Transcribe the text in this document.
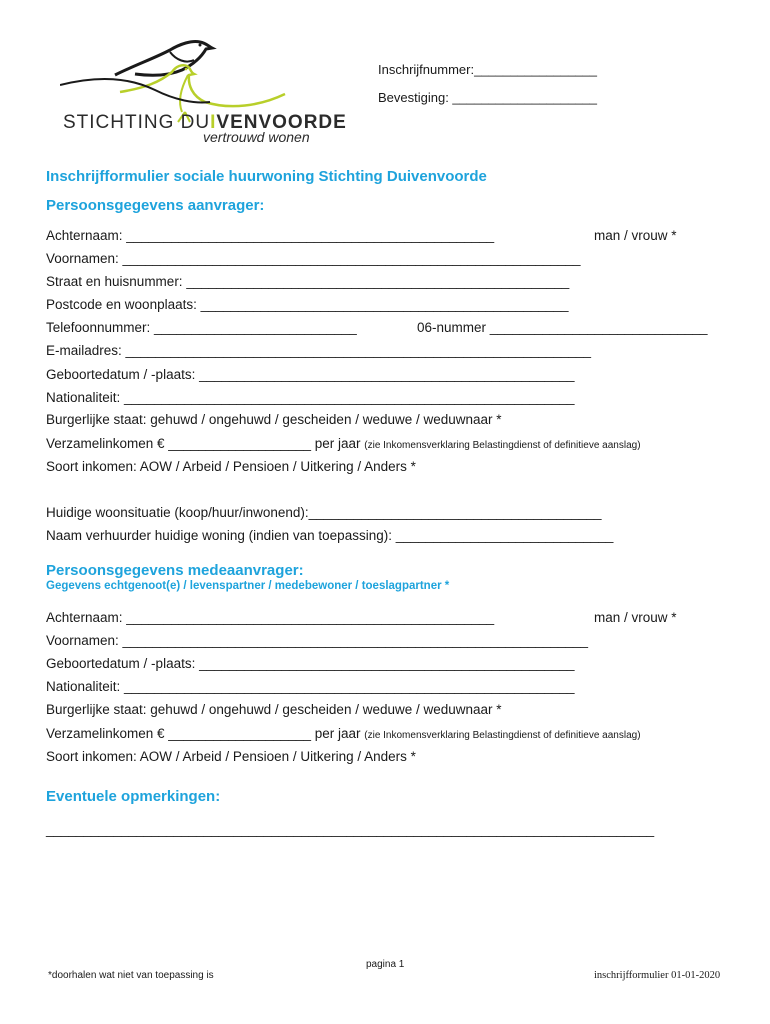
STICHTING DUIVENVOORDE
vertrouwd wonen
Inschrijfnummer:_________________
Bevestiging: ____________________
Inschrijfformulier sociale huurwoning Stichting Duivenvoorde
Persoonsgegevens aanvrager:
Achternaam: _________________________________________________	man / vrouw *
Voornamen: _____________________________________________________________
Straat en huisnummer: ___________________________________________________
Postcode en woonplaats: _________________________________________________
Telefoonnummer: ___________________________	06-nummer _____________________________
E-mailadres: ______________________________________________________________
Geboortedatum / -plaats: __________________________________________________
Nationaliteit: ____________________________________________________________
Burgerlijke staat: gehuwd / ongehuwd / gescheiden / weduwe / weduwnaar *
Verzamelinkomen € ___________________ per jaar (zie Inkomensverklaring Belastingdienst of definitieve aanslag)
Soort inkomen: AOW / Arbeid / Pensioen / Uitkering / Anders *
Huidige woonsituatie (koop/huur/inwonend):_______________________________________
Naam verhuurder huidige woning (indien van toepassing): _____________________________
Persoonsgegevens medeaanvrager:
Gegevens echtgenoot(e) / levenspartner / medebewoner / toeslagpartner *
Achternaam: _________________________________________________	man / vrouw *
Voornamen: ______________________________________________________________
Geboortedatum / -plaats: __________________________________________________
Nationaliteit: ____________________________________________________________
Burgerlijke staat: gehuwd / ongehuwd / gescheiden / weduwe / weduwnaar *
Verzamelinkomen € ___________________ per jaar (zie Inkomensverklaring Belastingdienst of definitieve aanslag)
Soort inkomen: AOW / Arbeid / Pensioen / Uitkering / Anders *
Eventuele opmerkingen:
_________________________________________________________________________________
pagina 1
*doorhalen wat niet van toepassing is	inschrijfformulier 01-01-2020
